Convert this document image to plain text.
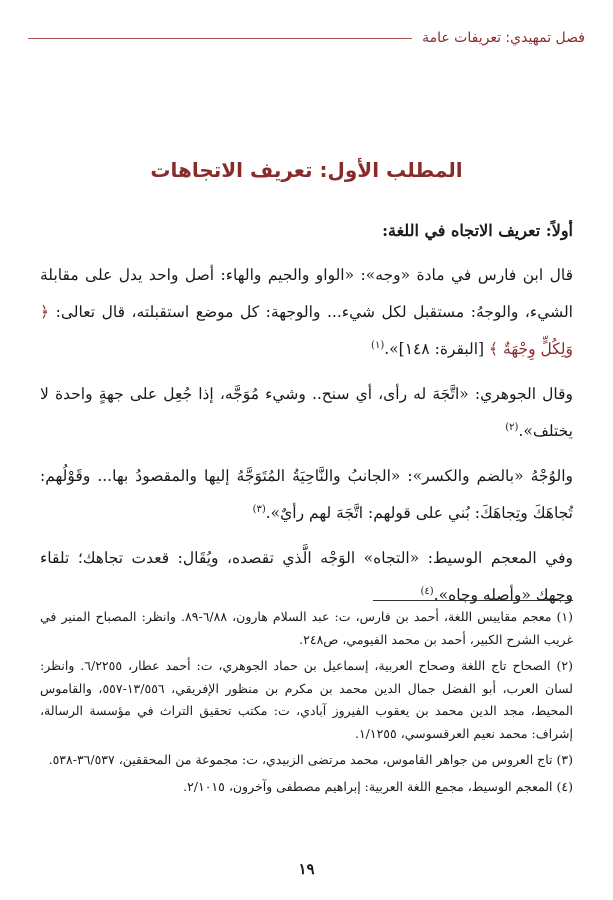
فصل تمهيدي: تعريفات عامة
المطلب الأول: تعريف الاتجاهات
أولاً: تعريف الاتجاه في اللغة:

قال ابن فارس في مادة «وجه»: «الواو والجيم والهاء: أصل واحد يدل على مقابلة الشيء، والوجهُ: مستقبل لكل شيء... والوجهة: كل موضع استقبلته، قال تعالى: ﴿ وَلِكُلٍّ وِجْهَةٌ ﴾ [البقرة: ١٤٨]».$^{(١)}$

وقال الجوهري: «اتَّجَهَ له رأى، أي سنح.. وشيء مُوَجَّه، إذا جُعِل على جهةٍ واحدة لا يختلف».$^{(٢)}$

والوُجْهُ «بالضم والكسر»: «الجانبُ والنَّاحِيَةُ المُتَوَجَّهُ إليها والمقصودُ بها... وقَوْلُهم: تُجاهَكَ وتِجاهَكَ: بُني على قولهم: اتَّجَهَ لهم رأيٌ».$^{(٣)}$

وفي المعجم الوسيط: «التجاه» الوَجْه الَّذي تقصده، ويُقَال: قعدت تجاهك؛ تلقاء وجهك «وأصله وجاه».$^{(٤)}$

(١) معجم مقاييس اللغة، أحمد بن فارس، ت: عبد السلام هارون، ٦/٨٨-٨٩. وانظر: المصباح المنير في غريب الشرح الكبير، أحمد بن محمد الفيومي، ص٢٤٨.
(٢) الصحاح تاج اللغة وصحاح العربية، إسماعيل بن حماد الجوهري، ت: أحمد عطار، ٦/٢٢٥٥. وانظر: لسان العرب، أبو الفضل جمال الدين محمد بن مكرم بن منظور الإفريقي، ١٣/٥٥٦-٥٥٧، والقاموس المحيط، مجد الدين محمد بن يعقوب الفيروز آبادي، ت: مكتب تحقيق التراث في مؤسسة الرسالة، إشراف: محمد نعيم العرقسوسي، ١/١٢٥٥.
(٣) تاج العروس من جواهر القاموس، محمد مرتضى الزبيدي، ت: مجموعة من المحققين، ٣٦/٥٣٧-٥٣٨.
(٤) المعجم الوسيط، مجمع اللغة العربية: إبراهيم مصطفى وآخرون، ٢/١٠١٥.
١٩
